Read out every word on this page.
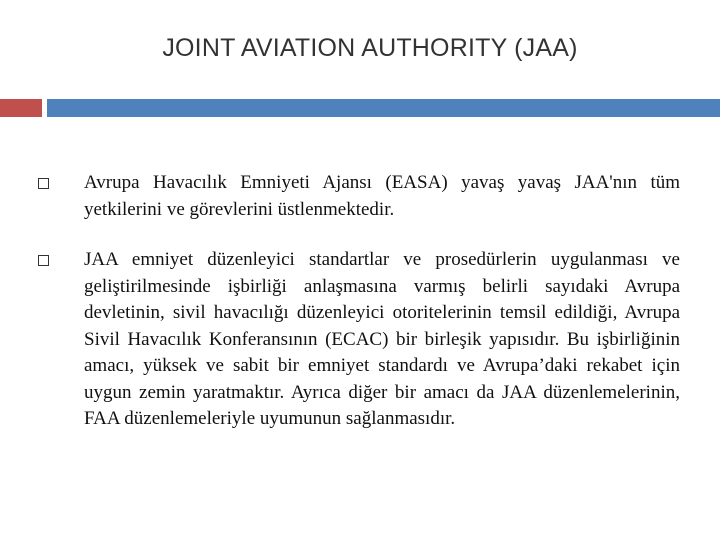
JOINT AVIATION AUTHORITY (JAA)
Avrupa Havacılık Emniyeti Ajansı (EASA) yavaş yavaş JAA'nın tüm yetkilerini ve görevlerini üstlenmektedir.
JAA emniyet düzenleyici standartlar ve prosedürlerin uygulanması ve geliştirilmesinde işbirliği anlaşmasına varmış belirli sayıdaki Avrupa devletinin, sivil havacılığı düzenleyici otoritelerinin temsil edildiği, Avrupa Sivil Havacılık Konferansının (ECAC) bir birleşik yapısıdır. Bu işbirliğinin amacı, yüksek ve sabit bir emniyet standardı ve Avrupa’daki rekabet için uygun zemin yaratmaktır. Ayrıca diğer bir amacı da JAA düzenlemelerinin, FAA düzenlemeleriyle uyumunun sağlanmasıdır.
